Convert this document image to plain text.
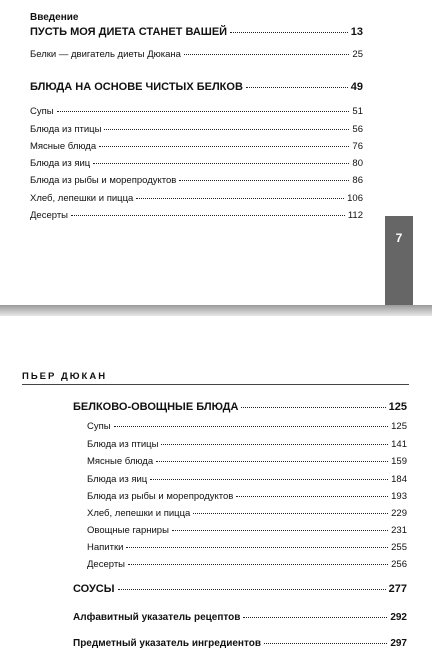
Введение
ПУСТЬ МОЯ ДИЕТА СТАНЕТ ВАШЕЙ	13
Белки — двигатель диеты Дюкана	25
БЛЮДА НА ОСНОВЕ ЧИСТЫХ БЕЛКОВ	49
Супы	51
Блюда из птицы	56
Мясные блюда	76
Блюда из яиц	80
Блюда из рыбы и морепродуктов	86
Хлеб, лепешки и пицца	106
Десерты	112
7
ПЬЕР ДЮКАН
БЕЛКОВО-ОВОЩНЫЕ БЛЮДА	125
Супы	125
Блюда из птицы	141
Мясные блюда	159
Блюда из яиц	184
Блюда из рыбы и морепродуктов	193
Хлеб, лепешки и пицца	229
Овощные гарниры	231
Напитки	255
Десерты	256
СОУСЫ	277
Алфавитный указатель рецептов	292
Предметный указатель ингредиентов	297
